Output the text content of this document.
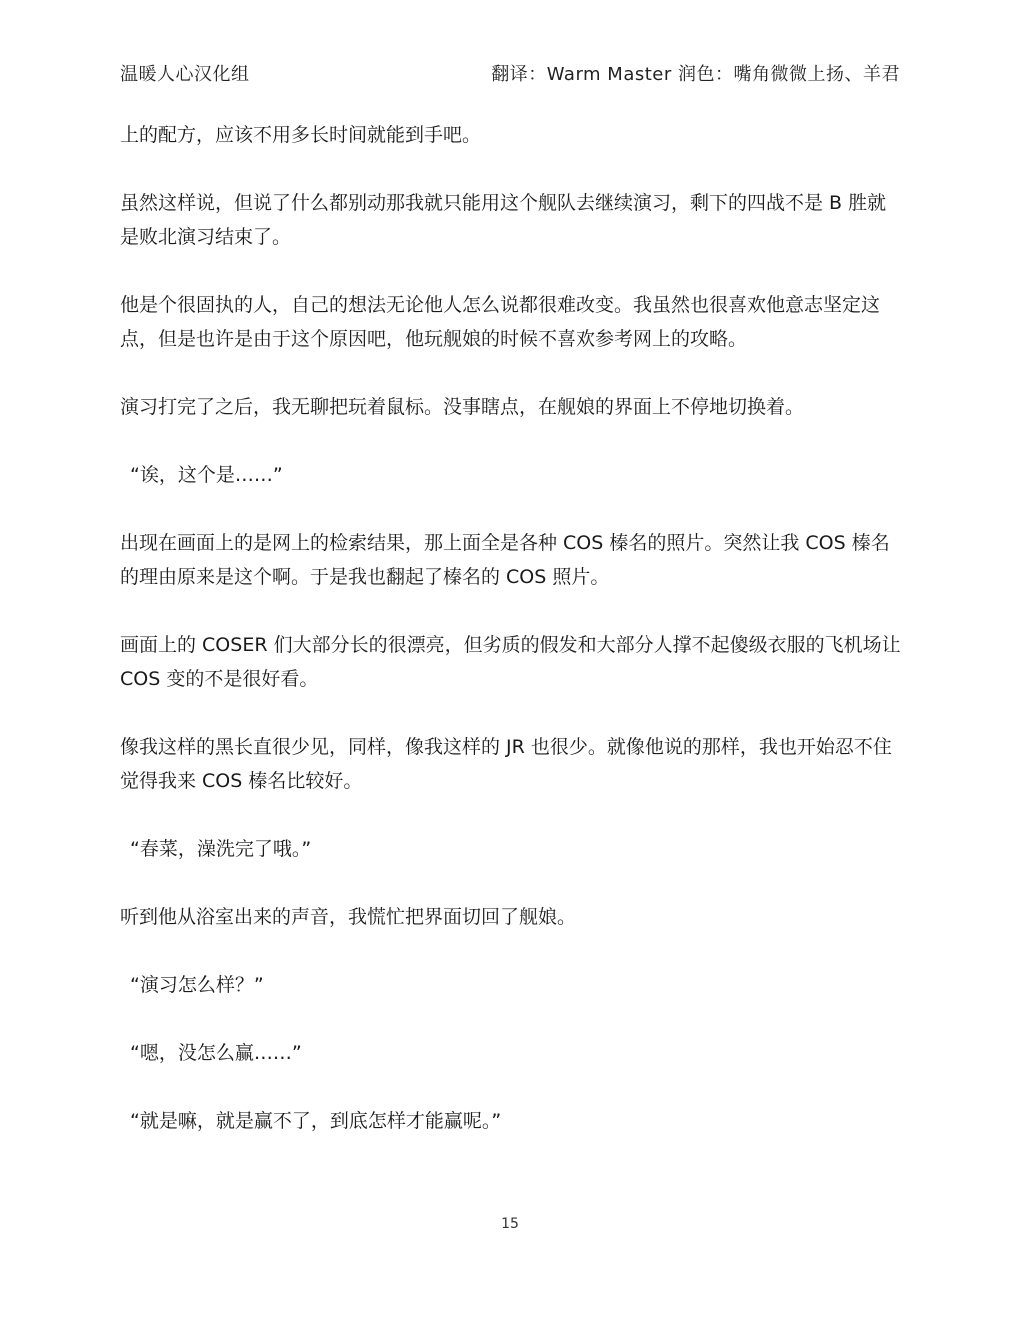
温暖人心汉化组	翻译：Warm Master 润色：嘴角微微上扬、羊君

上的配方，应该不用多长时间就能到手吧。

虽然这样说，但说了什么都别动那我就只能用这个舰队去继续演习，剩下的四战不是 B 胜就是败北演习结束了。

他是个很固执的人，自己的想法无论他人怎么说都很难改变。我虽然也很喜欢他意志坚定这点，但是也许是由于这个原因吧，他玩舰娘的时候不喜欢参考网上的攻略。

演习打完了之后，我无聊把玩着鼠标。没事瞎点，在舰娘的界面上不停地切换着。

“诶，这个是……”

出现在画面上的是网上的检索结果，那上面全是各种 COS 榛名的照片。突然让我 COS 榛名的理由原来是这个啊。于是我也翻起了榛名的 COS 照片。

画面上的 COSER 们大部分长的很漂亮，但劣质的假发和大部分人撑不起傻级衣服的飞机场让 COS 变的不是很好看。

像我这样的黑长直很少见，同样，像我这样的 JR 也很少。就像他说的那样，我也开始忍不住觉得我来 COS 榛名比较好。

“春菜，澡洗完了哦。”

听到他从浴室出来的声音，我慌忙把界面切回了舰娘。

“演习怎么样？”

“嗯，没怎么赢……”

“就是嘛，就是赢不了，到底怎样才能赢呢。”

15
